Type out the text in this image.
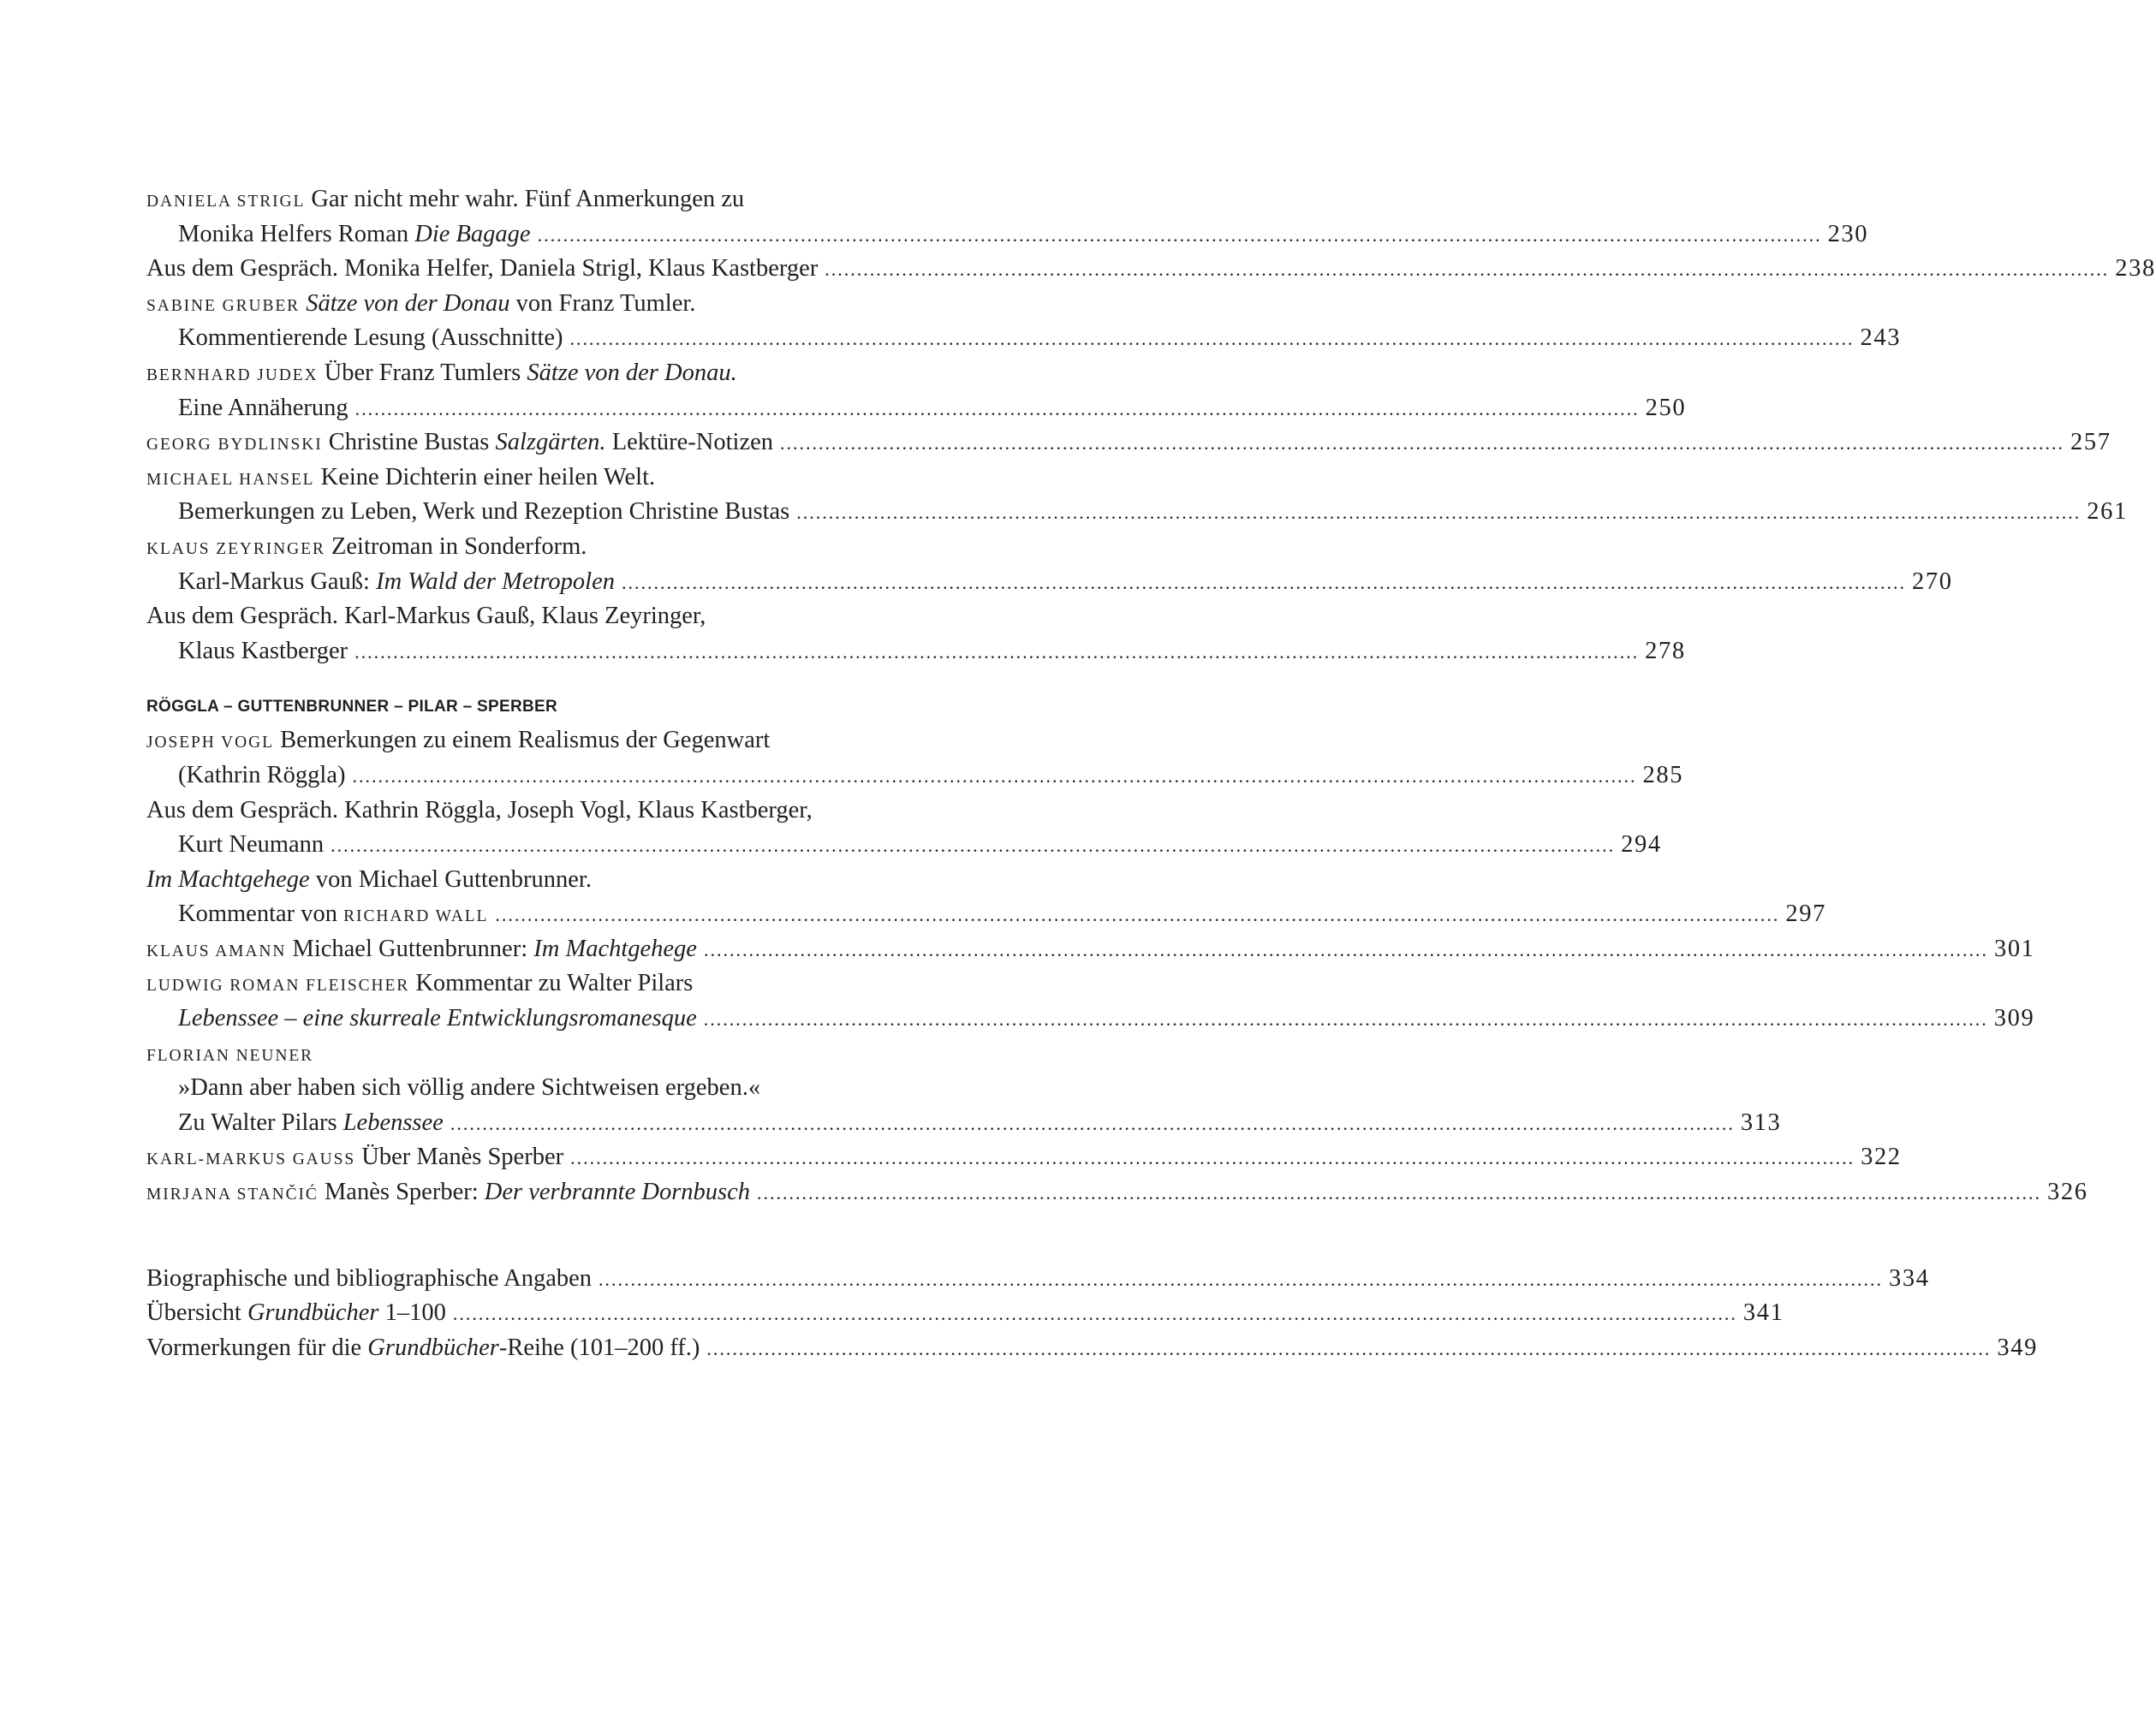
DANIELA STRIGL Gar nicht mehr wahr. Fünf Anmerkungen zu
Monika Helfers Roman Die Bagage ........................................................................................................................................................................................................ 230
Aus dem Gespräch. Monika Helfer, Daniela Strigl, Klaus Kastberger ........................................................................................................................................................................................................ 238
SABINE GRUBER Sätze von der Donau von Franz Tumler.
Kommentierende Lesung (Ausschnitte) ........................................................................................................................................................................................................ 243
BERNHARD JUDEX Über Franz Tumlers Sätze von der Donau.
Eine Annäherung ........................................................................................................................................................................................................ 250
GEORG BYDLINSKI Christine Bustas Salzgärten. Lektüre-Notizen ........................................................................................................................................................................................................ 257
MICHAEL HANSEL Keine Dichterin einer heilen Welt.
Bemerkungen zu Leben, Werk und Rezeption Christine Bustas ........................................................................................................................................................................................................ 261
KLAUS ZEYRINGER Zeitroman in Sonderform.
Karl-Markus Gauß: Im Wald der Metropolen ........................................................................................................................................................................................................ 270
Aus dem Gespräch. Karl-Markus Gauß, Klaus Zeyringer,
Klaus Kastberger ........................................................................................................................................................................................................ 278
RÖGGLA – GUTTENBRUNNER – PILAR – SPERBER
JOSEPH VOGL Bemerkungen zu einem Realismus der Gegenwart
(Kathrin Röggla) ........................................................................................................................................................................................................ 285
Aus dem Gespräch. Kathrin Röggla, Joseph Vogl, Klaus Kastberger,
Kurt Neumann ........................................................................................................................................................................................................ 294
Im Machtgehege von Michael Guttenbrunner.
Kommentar von RICHARD WALL ........................................................................................................................................................................................................ 297
KLAUS AMANN Michael Guttenbrunner: Im Machtgehege ........................................................................................................................................................................................................ 301
LUDWIG ROMAN FLEISCHER Kommentar zu Walter Pilars
Lebenssee – eine skurreale Entwicklungsromanesque ........................................................................................................................................................................................................ 309
FLORIAN NEUNER
»Dann aber haben sich völlig andere Sichtweisen ergeben.«
Zu Walter Pilars Lebenssee ........................................................................................................................................................................................................ 313
KARL-MARKUS GAUSS Über Manès Sperber ........................................................................................................................................................................................................ 322
MIRJANA STANČIĆ Manès Sperber: Der verbrannte Dornbusch ........................................................................................................................................................................................................ 326
Biographische und bibliographische Angaben ........................................................................................................................................................................................................ 334
Übersicht Grundbücher 1–100 ........................................................................................................................................................................................................ 341
Vormerkungen für die Grundbücher-Reihe (101–200 ff.) ........................................................................................................................................................................................................ 349
